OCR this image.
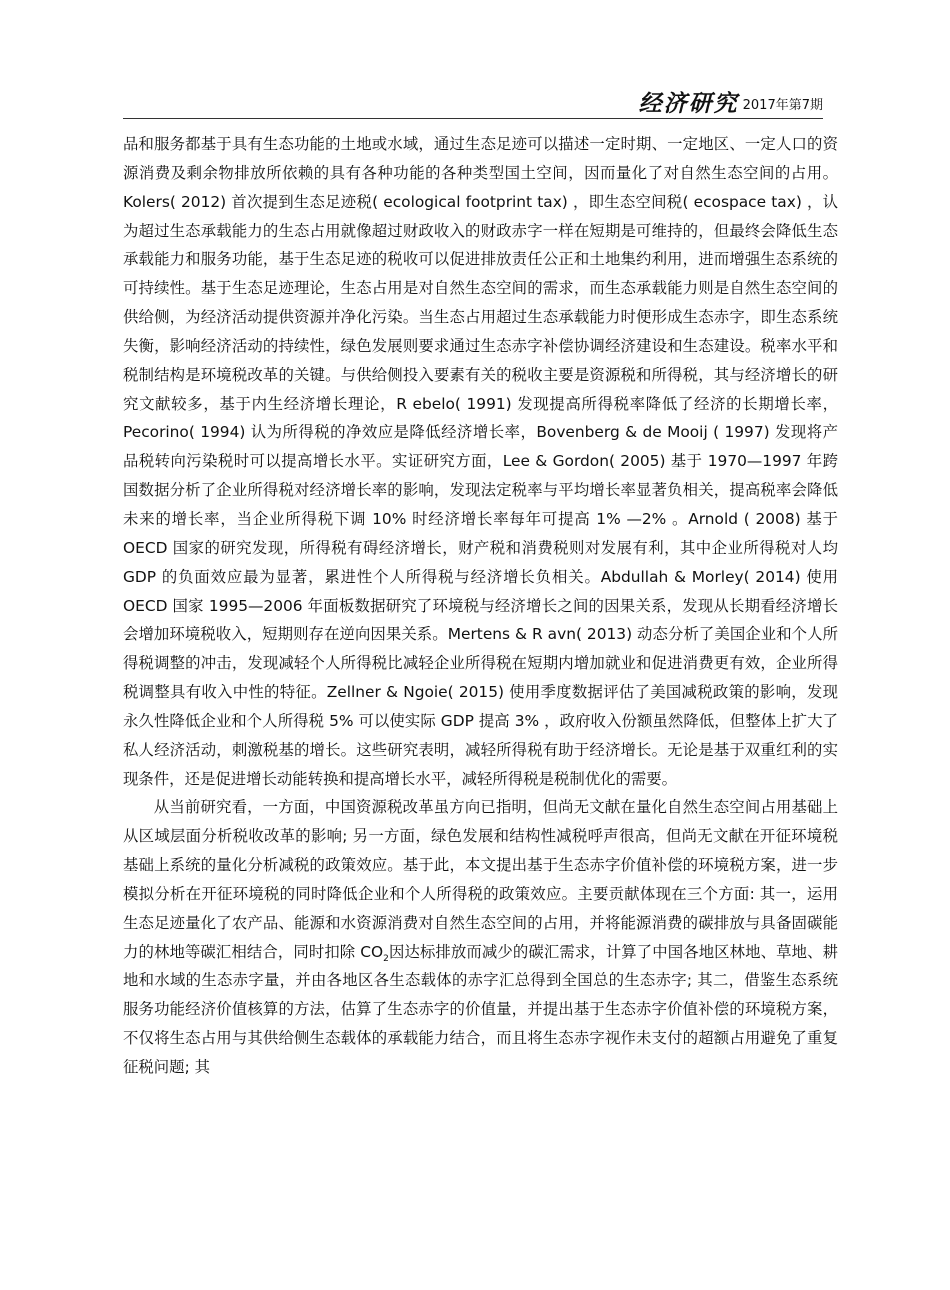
经济研究 2017年第7期

品和服务都基于具有生态功能的土地或水域，通过生态足迹可以描述一定时期、一定地区、一定人口的资源消费及剩余物排放所依赖的具有各种功能的各种类型国土空间，因而量化了对自然生态空间的占用。Kolers( 2012) 首次提到生态足迹税( ecological footprint tax) ，即生态空间税( ecospace tax) ，认为超过生态承载能力的生态占用就像超过财政收入的财政赤字一样在短期是可维持的，但最终会降低生态承载能力和服务功能，基于生态足迹的税收可以促进排放责任公正和土地集约利用，进而增强生态系统的可持续性。基于生态足迹理论，生态占用是对自然生态空间的需求，而生态承载能力则是自然生态空间的供给侧，为经济活动提供资源并净化污染。当生态占用超过生态承载能力时便形成生态赤字，即生态系统失衡，影响经济活动的持续性，绿色发展则要求通过生态赤字补偿协调经济建设和生态建设。税率水平和税制结构是环境税改革的关键。与供给侧投入要素有关的税收主要是资源税和所得税，其与经济增长的研究文献较多，基于内生经济增长理论，R ebelo( 1991) 发现提高所得税率降低了经济的长期增长率，Pecorino( 1994) 认为所得税的净效应是降低经济增长率，Bovenberg & de Mooij ( 1997) 发现将产品税转向污染税时可以提高增长水平。实证研究方面，Lee & Gordon( 2005) 基于 1970—1997 年跨国数据分析了企业所得税对经济增长率的影响，发现法定税率与平均增长率显著负相关，提高税率会降低未来的增长率，当企业所得税下调 10% 时经济增长率每年可提高 1% —2% 。Arnold ( 2008) 基于 OECD 国家的研究发现，所得税有碍经济增长，财产税和消费税则对发展有利，其中企业所得税对人均 GDP 的负面效应最为显著，累进性个人所得税与经济增长负相关。Abdullah & Morley( 2014) 使用 OECD 国家 1995—2006 年面板数据研究了环境税与经济增长之间的因果关系，发现从长期看经济增长会增加环境税收入，短期则存在逆向因果关系。Mertens & R avn( 2013) 动态分析了美国企业和个人所得税调整的冲击，发现减轻个人所得税比减轻企业所得税在短期内增加就业和促进消费更有效，企业所得税调整具有收入中性的特征。Zellner & Ngoie( 2015) 使用季度数据评估了美国减税政策的影响，发现永久性降低企业和个人所得税 5% 可以使实际 GDP 提高 3% ，政府收入份额虽然降低，但整体上扩大了私人经济活动，刺激税基的增长。这些研究表明，减轻所得税有助于经济增长。无论是基于双重红利的实现条件，还是促进增长动能转换和提高增长水平，减轻所得税是税制优化的需要。

从当前研究看，一方面，中国资源税改革虽方向已指明，但尚无文献在量化自然生态空间占用基础上从区域层面分析税收改革的影响; 另一方面，绿色发展和结构性减税呼声很高，但尚无文献在开征环境税基础上系统的量化分析减税的政策效应。基于此，本文提出基于生态赤字价值补偿的环境税方案，进一步模拟分析在开征环境税的同时降低企业和个人所得税的政策效应。主要贡献体现在三个方面: 其一，运用生态足迹量化了农产品、能源和水资源消费对自然生态空间的占用，并将能源消费的碳排放与具备固碳能力的林地等碳汇相结合，同时扣除 $CO_2$因达标排放而减少的碳汇需求，计算了中国各地区林地、草地、耕地和水域的生态赤字量，并由各地区各生态载体的赤字汇总得到全国总的生态赤字; 其二，借鉴生态系统服务功能经济价值核算的方法，估算了生态赤字的价值量，并提出基于生态赤字价值补偿的环境税方案，不仅将生态占用与其供给侧生态载体的承载能力结合，而且将生态赤字视作未支付的超额占用避免了重复征税问题; 其
